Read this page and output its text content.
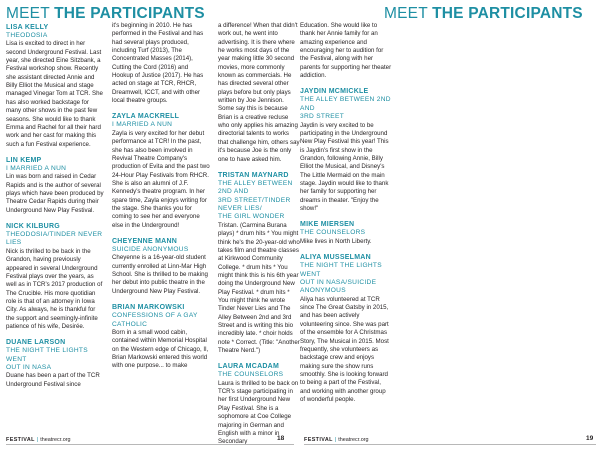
MEET THE PARTICIPANTS
LISA KELLY
THEODOSIA
Lisa is excited to direct in her second Underground Festival. Last year, she directed Eine Sitzbank, a Festival workshop show. Recently she assistant directed Annie and Billy Elliot the Musical and stage managed Vinegar Tom at TCR. She has also worked backstage for many other shows in the past few seasons. She would like to thank Emma and Rachel for all their hard work and her cast for making this such a fun Festival experience.
LIN KEMP
I MARRIED A NUN
Lin was born and raised in Cedar Rapids and is the author of several plays which have been produced by Theatre Cedar Rapids during their Underground New Play Festival.
NICK KILBURG
THEODOSIA/TINDER NEVER LIES
Nick is thrilled to be back in the Grandon, having previously appeared in several Underground Festival plays over the years, as well as in TCR's 2017 production of The Crucible. His more quotidian role is that of an attorney in Iowa City. As always, he is thankful for the support and seemingly-infinite patience of his wife, Desirée.
DUANE LARSON
THE NIGHT THE LIGHTS WENT
OUT IN NASA
Duane has been a part of the TCR Underground Festival since
it's beginning in 2010. He has performed in the Festival and has had several plays produced, including Turf (2013), The Concentrated Masses (2014), Cutting the Cord (2016) and Hookup of Justice (2017). He has acted on stage at TCR, RHCR, Dreamwell, ICCT, and with other local theatre groups.
ZAYLA MACKRELL
I MARRIED A NUN
Zayla is very excited for her debut performance at TCR! In the past, she has also been involved in Revival Theatre Company's production of Evita and the past two 24-Hour Play Festivals from RHCR. She is also an alumni of J.F. Kennedy's theatre program. In her spare time, Zayla enjoys writing for the stage. She thanks you for coming to see her and everyone else in the Underground!
CHEYENNE MANN
SUICIDE ANONYMOUS
Cheyenne is a 16-year-old student currently enrolled at Linn-Mar High School. She is thrilled to be making her debut into public theatre in the Underground New Play Festival.
BRIAN MARKOWSKI
CONFESSIONS OF A GAY
CATHOLIC
Born in a small wood cabin, contained within Memorial Hospital on the Western edge of Chicago, Il, Brian Markowski entered this world with one purpose... to make
a difference! When that didn't work out, he went into advertising. It is there where he works most days of the year making little 30 second movies, more commonly known as commercials. He has directed several other plays before but only plays written by Joe Jennison. Some say this is because Brian is a creative recluse who only applies his amazing directorial talents to works that challenge him, others say it's because Joe is the only one to have asked him.
TRISTAN MAYNARD
THE ALLEY BETWEEN 2ND AND
3RD STREET/TINDER NEVER LIES/
THE GIRL WONDER
Tristan. (Carmina Burana plays) * drum hits * You might think he's the 20-year-old who takes film and theatre classes at Kirkwood Community College. * drum hits * You might think this is his 6th year doing the Underground New Play Festival. * drum hits * You might think he wrote Tinder Never Lies and The Alley Between 2nd and 3rd Street and is writing this bio incredibly late. * choir holds note * Correct. (Title: "Another Theatre Nerd.")
LAURA MCADAM
THE COUNSELORS
Laura is thrilled to be back on TCR's stage participating in her first Underground New Play Festival. She is a sophomore at Coe College majoring in German and English with a minor in Secondary
FESTIVAL | theatrecr.org	18
MEET THE PARTICIPANTS
Education. She would like to thank her Annie family for an amazing experience and encouraging her to audition for the Festival, along with her parents for supporting her theater addiction.
JAYDIN MCMICKLE
THE ALLEY BETWEEN 2ND AND
3RD STREET
Jaydin is very excited to be participating in the Underground New Play Festival this year! This is Jaydin's first show in the Grandon, following Annie, Billy Elliot the Musical, and Disney's The Little Mermaid on the main stage. Jaydin would like to thank her family for supporting her dreams in theater. "Enjoy the show!"
MIKE MIERSEN
THE COUNSELORS
Mike lives in North Liberty.
ALIYA MUSSELMAN
THE NIGHT THE LIGHTS WENT
OUT IN NASA/SUICIDE
ANONYMOUS
Aliya has volunteered at TCR since The Great Gatsby in 2015, and has been actively volunteering since. She was part of the ensemble for A Christmas Story, The Musical in 2015. Most frequently, she volunteers as backstage crew and enjoys making sure the show runs smoothly. She is looking forward to being a part of the Festival, and working with another group of wonderful people.
FESTIVAL | theatrecr.org	19
